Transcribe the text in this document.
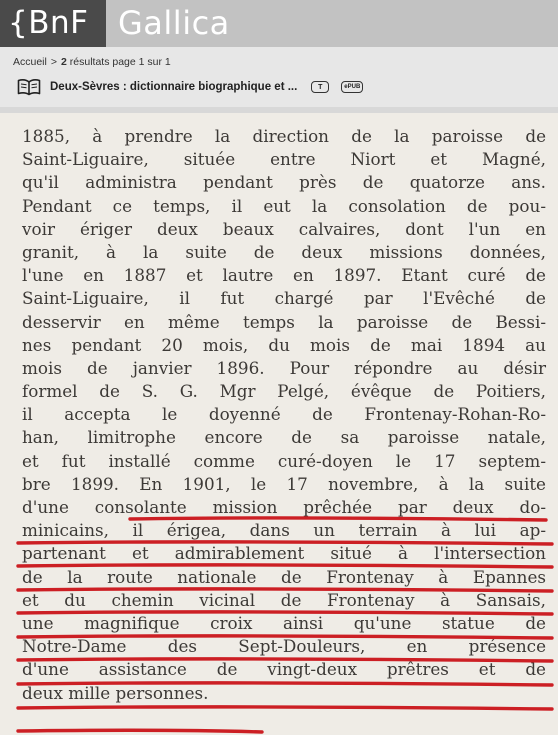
{BnF Gallica
Accueil > 2 résultats page 1 sur 1
Deux-Sèvres : dictionnaire biographique et ...	T	ePUB
1885, à prendre la direction de la paroisse de
Saint-Liguaire, située entre Niort et Magné,
qu'il administra pendant près de quatorze ans.
Pendant ce temps, il eut la consolation de pou-
voir ériger deux beaux calvaires, dont l'un en
granit, à la suite de deux missions données,
l'une en 1887 et lautre en 1897. Etant curé de
Saint-Liguaire, il fut chargé par l'Evêché de
desservir en même temps la paroisse de Bessi-
nes pendant 20 mois, du mois de mai 1894 au
mois de janvier 1896. Pour répondre au désir
formel de S. G. Mgr Pelgé, évêque de Poitiers,
il accepta le doyenné de Frontenay-Rohan-Ro-
han, limitrophe encore de sa paroisse natale,
et fut installé comme curé-doyen le 17 septem-
bre 1899. En 1901, le 17 novembre, à la suite
d'une consolante mission prêchée par deux do-
minicains, il érigea, dans un terrain à lui ap-
partenant et admirablement situé à l'intersection
de la route nationale de Frontenay à Epannes
et du chemin vicinal de Frontenay à Sansais,
une magnifique croix ainsi qu'une statue de
Notre-Dame des Sept-Douleurs, en présence
d'une assistance de vingt-deux prêtres et de
deux mille personnes.
